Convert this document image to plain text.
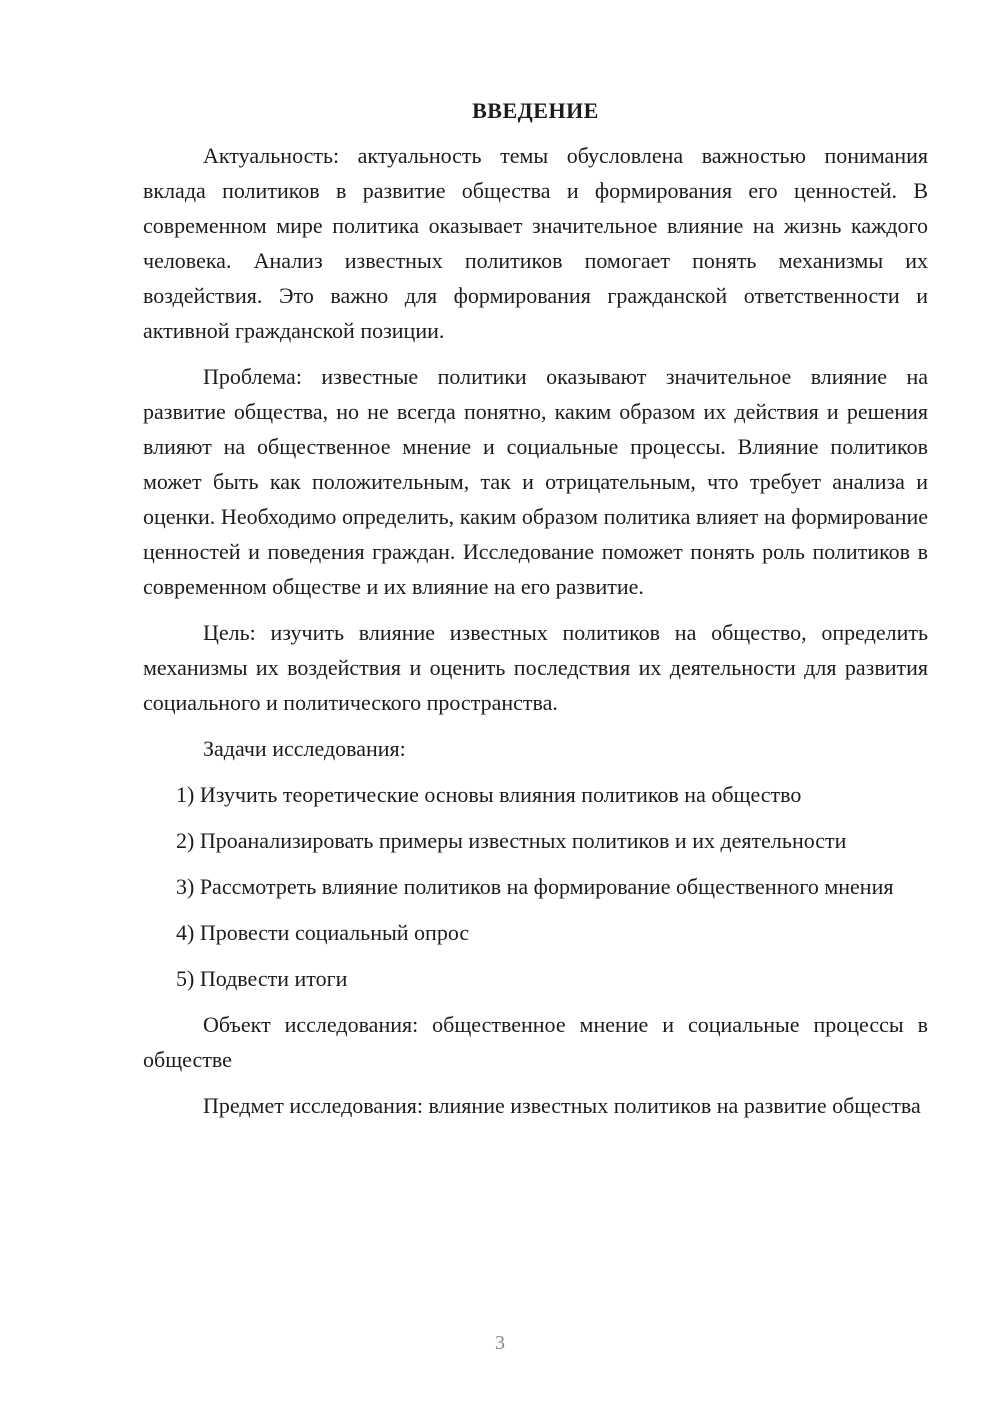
ВВЕДЕНИЕ

Актуальность: актуальность темы обусловлена важностью понимания вклада политиков в развитие общества и формирования его ценностей. В современном мире политика оказывает значительное влияние на жизнь каждого человека. Анализ известных политиков помогает понять механизмы их воздействия. Это важно для формирования гражданской ответственности и активной гражданской позиции.

Проблема: известные политики оказывают значительное влияние на развитие общества, но не всегда понятно, каким образом их действия и решения влияют на общественное мнение и социальные процессы. Влияние политиков может быть как положительным, так и отрицательным, что требует анализа и оценки. Необходимо определить, каким образом политика влияет на формирование ценностей и поведения граждан. Исследование поможет понять роль политиков в современном обществе и их влияние на его развитие.

Цель: изучить влияние известных политиков на общество, определить механизмы их воздействия и оценить последствия их деятельности для развития социального и политического пространства.

Задачи исследования:

1) Изучить теоретические основы влияния политиков на общество

2) Проанализировать примеры известных политиков и их деятельности

3) Рассмотреть влияние политиков на формирование общественного мнения

4) Провести социальный опрос

5) Подвести итоги

Объект исследования: общественное мнение и социальные процессы в обществе

Предмет исследования: влияние известных политиков на развитие общества

3
